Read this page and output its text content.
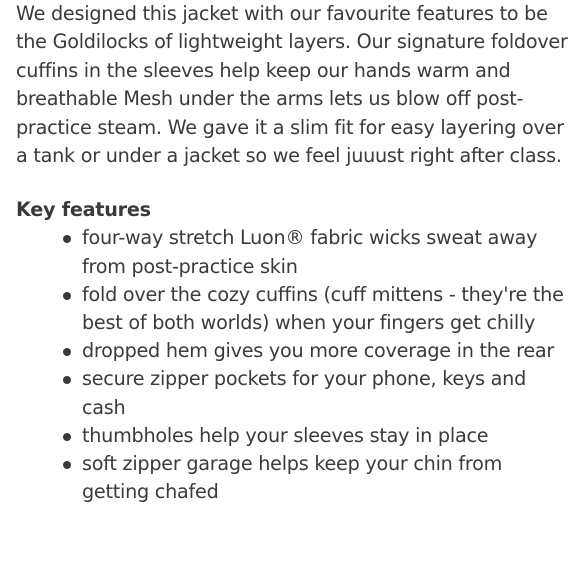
We designed this jacket with our favourite features to be the Goldilocks of lightweight layers. Our signature foldover cuffins in the sleeves help keep our hands warm and breathable Mesh under the arms lets us blow off post-practice steam. We gave it a slim fit for easy layering over a tank or under a jacket so we feel juuust right after class.

Key features
four-way stretch Luon® fabric wicks sweat away from post-practice skin
fold over the cozy cuffins (cuff mittens - they're the best of both worlds) when your fingers get chilly
dropped hem gives you more coverage in the rear
secure zipper pockets for your phone, keys and cash
thumbholes help your sleeves stay in place
soft zipper garage helps keep your chin from getting chafed
